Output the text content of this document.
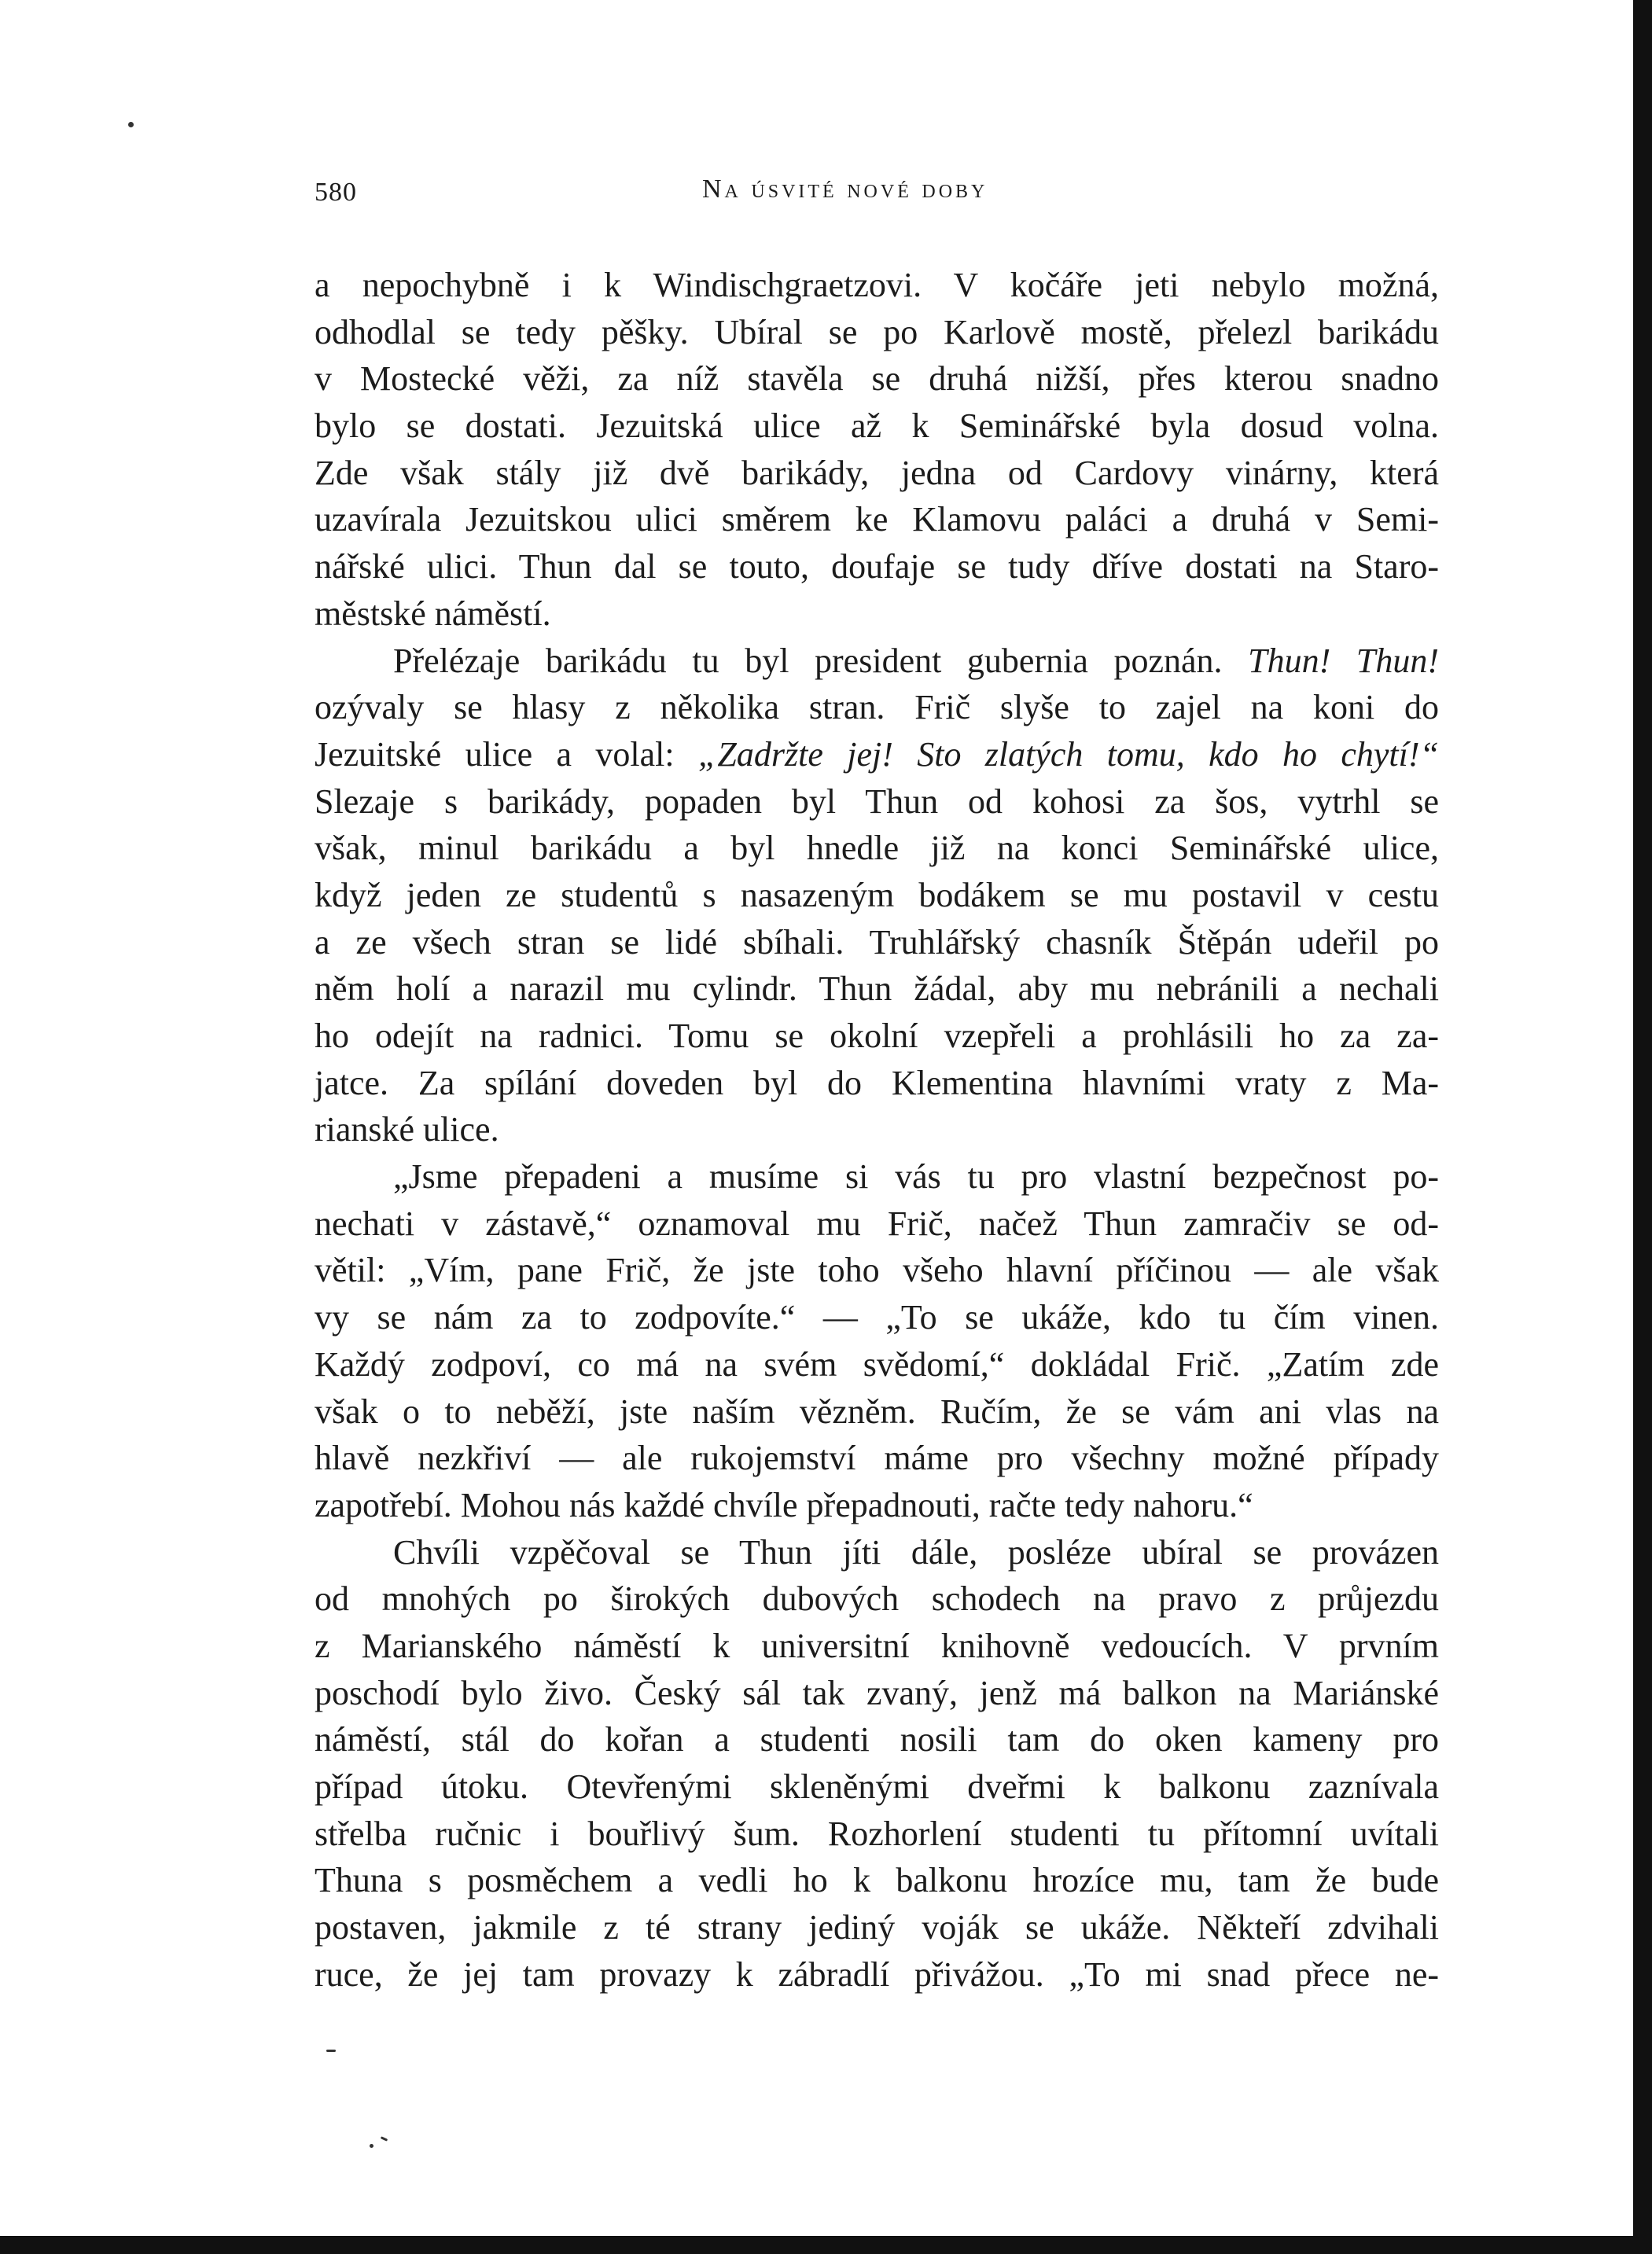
580	Na úsvité nové doby
a nepochybně i k Windischgraetzovi. V kočáře jeti nebylo možná,
odhodlal se tedy pěšky. Ubíral se po Karlově mostě, přelezl barikádu
v Mostecké věži, za níž stavěla se druhá nižší, přes kterou snadno
bylo se dostati. Jezuitská ulice až k Seminářské byla dosud volna.
Zde však stály již dvě barikády, jedna od Cardovy vinárny, která
uzavírala Jezuitskou ulici směrem ke Klamovu paláci a druhá v Semi-
nářské ulici. Thun dal se touto, doufaje se tudy dříve dostati na Staro-
městské náměstí.
Přelézaje barikádu tu byl president gubernia poznán. Thun! Thun!
ozývaly se hlasy z několika stran. Frič slyše to zajel na koni do
Jezuitské ulice a volal: „Zadržte jej! Sto zlatých tomu, kdo ho chytí!“
Slezaje s barikády, popaden byl Thun od kohosi za šos, vytrhl se
však, minul barikádu a byl hnedle již na konci Seminářské ulice,
když jeden ze studentů s nasazeným bodákem se mu postavil v cestu
a ze všech stran se lidé sbíhali. Truhlářský chasník Štěpán udeřil po
něm holí a narazil mu cylindr. Thun žádal, aby mu nebránili a nechali
ho odejít na radnici. Tomu se okolní vzepřeli a prohlásili ho za za-
jatce. Za spílání doveden byl do Klementina hlavními vraty z Ma-
rianské ulice.
„Jsme přepadeni a musíme si vás tu pro vlastní bezpečnost po-
nechati v zástavě,“ oznamoval mu Frič, načež Thun zamračiv se od-
větil: „Vím, pane Frič, že jste toho všeho hlavní příčinou — ale však
vy se nám za to zodpovíte.“ — „To se ukáže, kdo tu čím vinen.
Každý zodpoví, co má na svém svědomí,“ dokládal Frič. „Zatím zde
však o to neběží, jste naším vězněm. Ručím, že se vám ani vlas na
hlavě nezkřiví — ale rukojemství máme pro všechny možné případy
zapotřebí. Mohou nás každé chvíle přepadnouti, račte tedy nahoru.“
Chvíli vzpěčoval se Thun jíti dále, posléze ubíral se provázen
od mnohých po širokých dubových schodech na pravo z průjezdu
z Marianského náměstí k universitní knihovně vedoucích. V prvním
poschodí bylo živo. Český sál tak zvaný, jenž má balkon na Mariánské
náměstí, stál do kořan a studenti nosili tam do oken kameny pro
případ útoku. Otevřenými skleněnými dveřmi k balkonu zaznívala
střelba ručnic i bouřlivý šum. Rozhorlení studenti tu přítomní uvítali
Thuna s posměchem a vedli ho k balkonu hrozíce mu, tam že bude
postaven, jakmile z té strany jediný voják se ukáže. Někteří zdvihali
ruce, že jej tam provazy k zábradlí přivážou. „To mi snad přece ne-
